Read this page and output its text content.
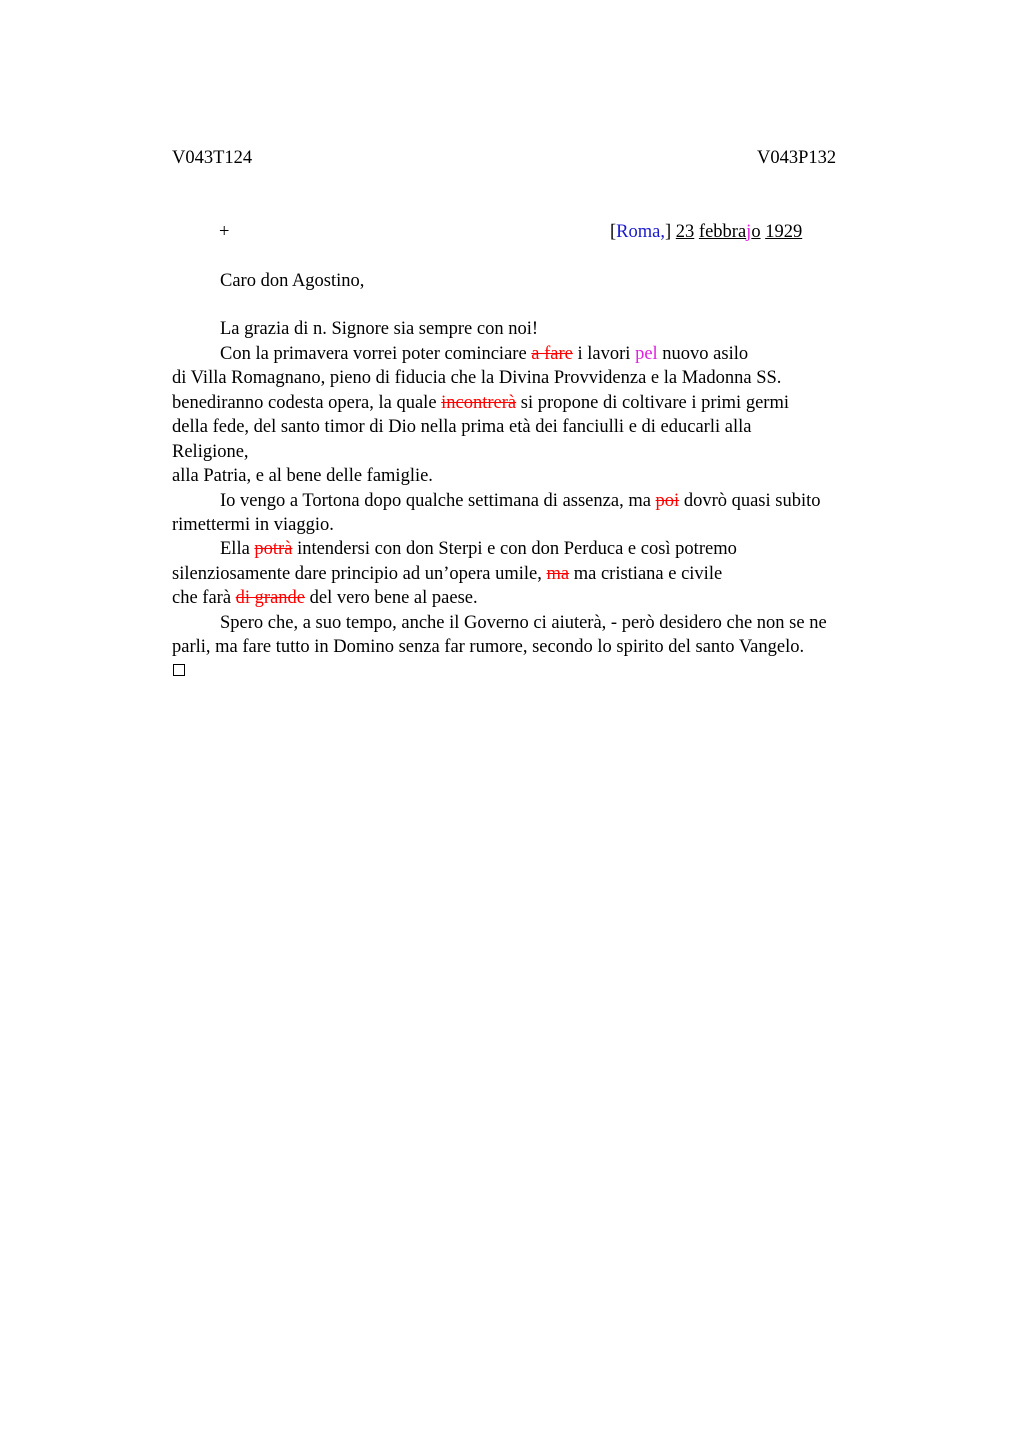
V043T124	V043P132
+	[Roma,] 23 febbrajo 1929
Caro don Agostino,
La grazia di n. Signore sia sempre con noi!
Con la primavera vorrei poter cominciare a fare i lavori pel nuovo asilo
di Villa Romagnano, pieno di fiducia che la Divina Provvidenza e la Madonna SS.
benediranno codesta opera, la quale incontrerà si propone di coltivare i primi germi
della fede, del santo timor di Dio nella prima età dei fanciulli e di educarli alla
Religione,
alla Patria, e al bene delle famiglie.
Io vengo a Tortona dopo qualche settimana di assenza, ma poi dovrò quasi subito
rimettermi in viaggio.
Ella potrà intendersi con don Sterpi e con don Perduca e così potremo
silenziosamente dare principio ad un’opera umile, ma ma cristiana e civile
che farà di grande del vero bene al paese.
Spero che, a suo tempo, anche il Governo ci aiuterà, - però desidero che non se ne
parli, ma fare tutto in Domino senza far rumore, secondo lo spirito del santo Vangelo.
